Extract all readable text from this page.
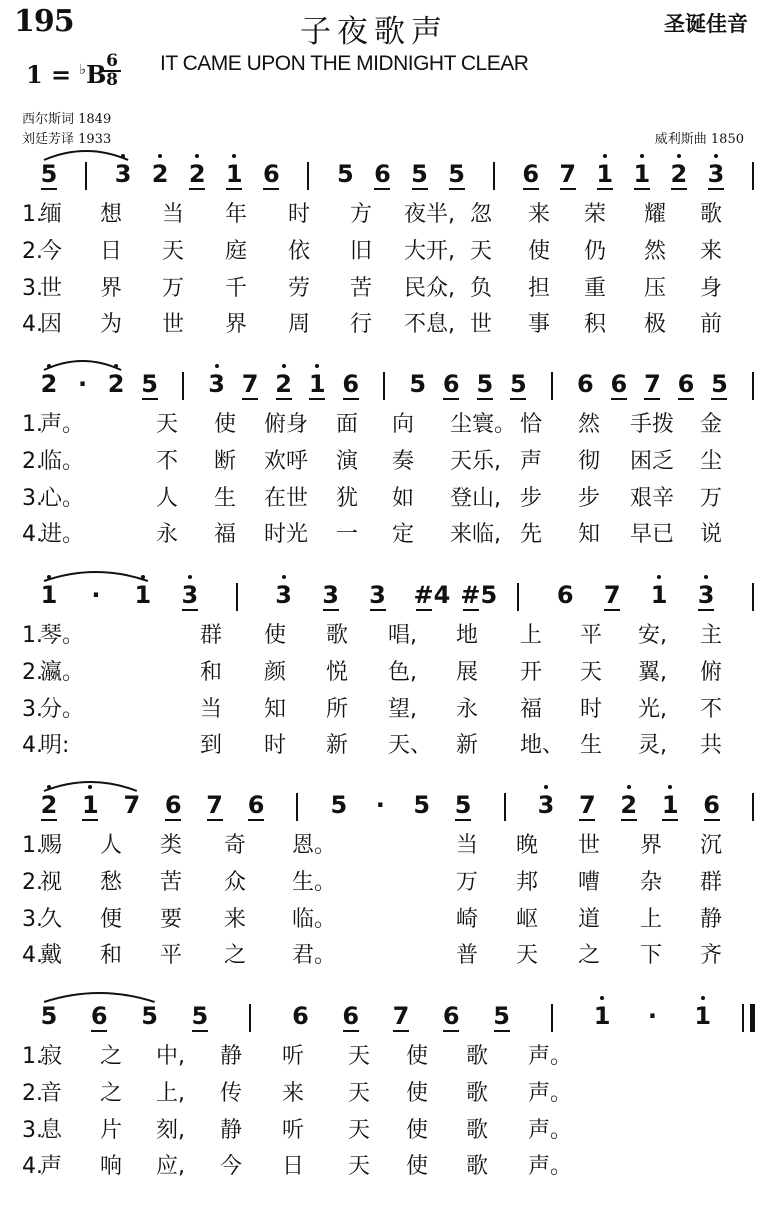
195	子夜歌声	圣诞佳音
IT CAME UPON THE MIDNIGHT CLEAR
1 = ♭B 6
8
西尔斯词 1849
刘廷芳译 1933	威利斯曲 1850
5 3 2 2 1 6 5 6 5 5 6 7 1 1 2 3
1.
缅 想 当 年 时 方 夜半, 忽 来 荣 耀 歌
2.
今 日 天 庭 依 旧 大开, 天 使 仍 然 来
3.
世 界 万 千 劳 苦 民众, 负 担 重 压 身
4.
因 为 世 界 周 行 不息, 世 事 积 极 前
2 · 2 5 3 7 2 1 6 5 6 5 5 6 6 7 6 5
1.
声。	天 使 俯身 面 向 尘寰。 恰 然 手拨 金
2.
临。	不 断 欢呼 演 奏 天乐, 声 彻 困乏 尘
3.
心。	人 生 在世 犹 如 登山, 步 步 艰辛 万
4.
进。	永 福 时光 一 定 来临, 先 知 早已 说
1 · 1 3	3 3 3 #4 #5 6 7 1 3
1.
琴。	群 使 歌 唱, 地 上 平 安, 主
2.
瀛。	和 颜 悦 色, 展 开 天 翼, 俯
3.
分。	当 知 所 望, 永 福 时 光, 不
4.
明:	到 时 新 天、 新 地、 生 灵, 共
2 1 7 6 7 6	5 · 5 5	3 7 2 1 6
1.
赐 人 类 奇 恩。	当 晚 世 界 沉
2.
视 愁 苦 众 生。	万 邦 嘈 杂 群
3.
久 便 要 来 临。	崎 岖 道 上 静
4.
戴 和 平 之 君。	普 天 之 下 齐
5 6 5 5	6 6 7 6 5	1 · 1
1.
寂 之 中, 静 听 天 使 歌 声。
2.
音 之 上, 传 来 天 使 歌 声。
3.
息 片 刻, 静 听 天 使 歌 声。
4.
声 响 应, 今 日 天 使 歌 声。
